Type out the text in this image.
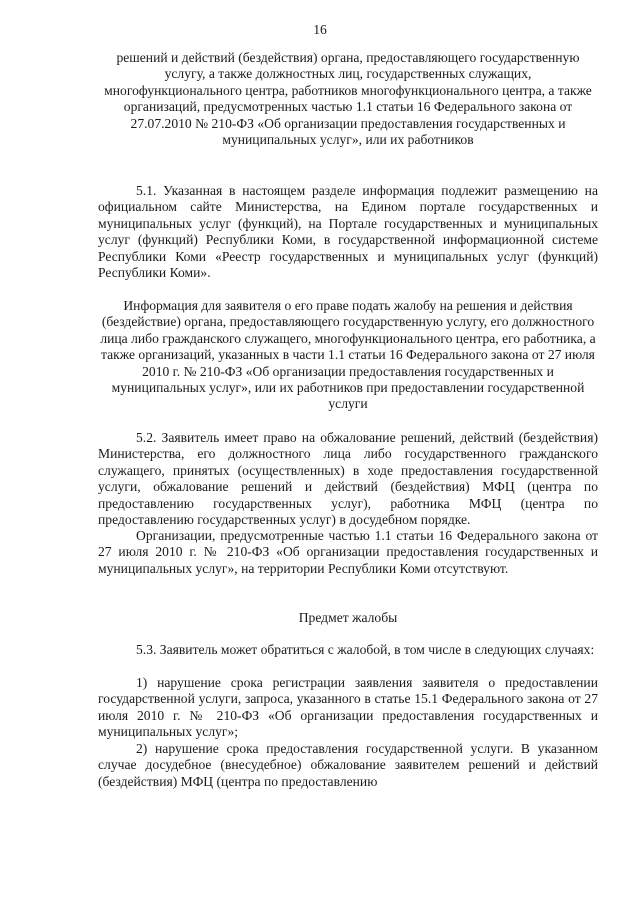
16
решений и действий (бездействия) органа, предоставляющего государственную услугу, а также должностных лиц, государственных служащих, многофункционального центра, работников многофункционального центра, а также организаций, предусмотренных частью 1.1 статьи 16 Федерального закона от 27.07.2010 № 210-ФЗ «Об организации предоставления государственных и муниципальных услуг», или их работников
5.1. Указанная в настоящем разделе информация подлежит размещению на официальном сайте Министерства, на Едином портале государственных и муниципальных услуг (функций), на Портале государственных и муниципальных услуг (функций) Республики Коми, в государственной информационной системе Республики Коми «Реестр государственных и муниципальных услуг (функций) Республики Коми».
Информация для заявителя о его праве подать жалобу на решения и действия (бездействие) органа, предоставляющего государственную услугу, его должностного лица либо гражданского служащего, многофункционального центра, его работника, а также организаций, указанных в части 1.1 статьи 16 Федерального закона от 27 июля 2010 г. № 210-ФЗ «Об организации предоставления государственных и муниципальных услуг», или их работников при предоставлении государственной услуги
5.2. Заявитель имеет право на обжалование решений, действий (бездействия) Министерства, его должностного лица либо государственного гражданского служащего, принятых (осуществленных) в ходе предоставления государственной услуги, обжалование решений и действий (бездействия) МФЦ (центра по предоставлению государственных услуг), работника МФЦ (центра по предоставлению государственных услуг) в досудебном порядке.
Организации, предусмотренные частью 1.1 статьи 16 Федерального закона от 27 июля 2010 г. № 210-ФЗ «Об организации предоставления государственных и муниципальных услуг», на территории Республики Коми отсутствуют.
Предмет жалобы
5.3. Заявитель может обратиться с жалобой, в том числе в следующих случаях:
1) нарушение срока регистрации заявления заявителя о предоставлении государственной услуги, запроса, указанного в статье 15.1 Федерального закона от 27 июля 2010 г. № 210-ФЗ «Об организации предоставления государственных и муниципальных услуг»;
2) нарушение срока предоставления государственной услуги. В указанном случае досудебное (внесудебное) обжалование заявителем решений и действий (бездействия) МФЦ (центра по предоставлению
